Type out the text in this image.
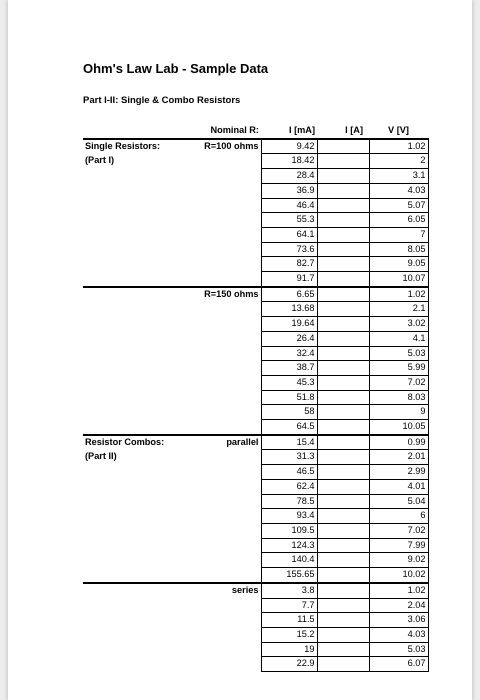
Ohm's Law Lab - Sample Data
Part I-II: Single & Combo Resistors
	Nominal R:	I [mA]	I [A]	V [V]
Single Resistors:	R=100 ohms	9.42		1.02
(Part I)		18.42		2
		28.4		3.1
		36.9		4.03
		46.4		5.07
		55.3		6.05
		64.1		7
		73.6		8.05
		82.7		9.05
		91.7		10.07
	R=150 ohms	6.65		1.02
		13.68		2.1
		19.64		3.02
		26.4		4.1
		32.4		5.03
		38.7		5.99
		45.3		7.02
		51.8		8.03
		58		9
		64.5		10.05
Resistor Combos:	parallel	15.4		0.99
(Part II)		31.3		2.01
		46.5		2.99
		62.4		4.01
		78.5		5.04
		93.4		6
		109.5		7.02
		124.3		7.99
		140.4		9.02
		155.65		10.02
	series	3.8		1.02
		7.7		2.04
		11.5		3.06
		15.2		4.03
		19		5.03
		22.9		6.07
